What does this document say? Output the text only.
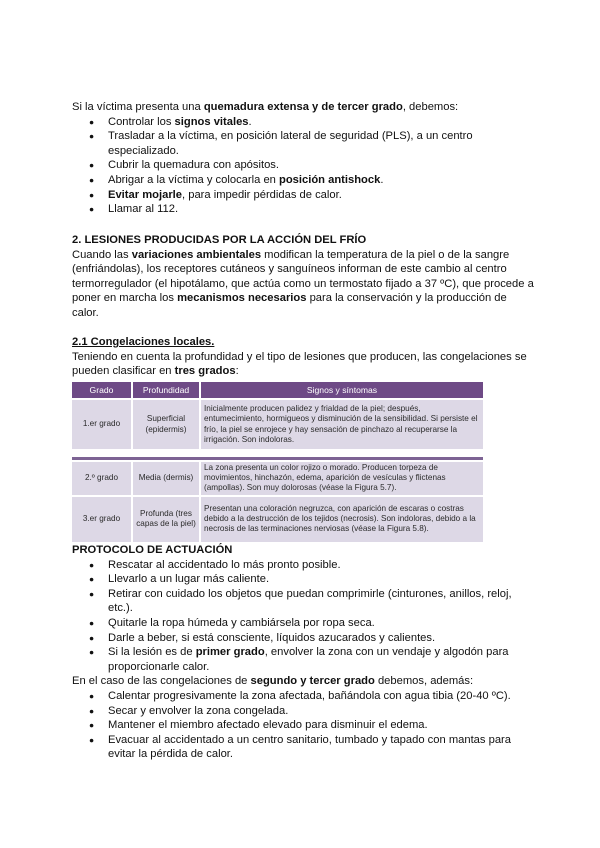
Si la víctima presenta una quemadura extensa y de tercer grado, debemos:

● Controlar los signos vitales.
● Trasladar a la víctima, en posición lateral de seguridad (PLS), a un centro especializado.
● Cubrir la quemadura con apósitos.
● Abrigar a la víctima y colocarla en posición antishock.
● Evitar mojarle, para impedir pérdidas de calor.
● Llamar al 112.

2. LESIONES PRODUCIDAS POR LA ACCIÓN DEL FRÍO

Cuando las variaciones ambientales modifican la temperatura de la piel o de la sangre (enfriándolas), los receptores cutáneos y sanguíneos informan de este cambio al centro termorregulador (el hipotálamo, que actúa como un termostato fijado a 37 ºC), que procede a poner en marcha los mecanismos necesarios para la conservación y la producción de calor.

2.1 Congelaciones locales.

Teniendo en cuenta la profundidad y el tipo de lesiones que producen, las congelaciones se pueden clasificar en tres grados:

Grado	Profundidad	Signos y síntomas
1.er grado	Superficial (epidermis)	Inicialmente producen palidez y frialdad de la piel; después, entumecimiento, hormigueos y disminución de la sensibilidad. Si persiste el frío, la piel se enrojece y hay sensación de pinchazo al recuperarse la irrigación. Son indoloras.

2.º grado	Media (dermis)	La zona presenta un color rojizo o morado. Producen torpeza de movimientos, hinchazón, edema, aparición de vesículas y flictenas (ampollas). Son muy dolorosas (véase la Figura 5.7).
3.er grado	Profunda (tres capas de la piel)	Presentan una coloración negruzca, con aparición de escaras o costras debido a la destrucción de los tejidos (necrosis). Son indoloras, debido a la necrosis de las terminaciones nerviosas (véase la Figura 5.8).

PROTOCOLO DE ACTUACIÓN

● Rescatar al accidentado lo más pronto posible.
● Llevarlo a un lugar más caliente.
● Retirar con cuidado los objetos que puedan comprimirle (cinturones, anillos, reloj, etc.).
● Quitarle la ropa húmeda y cambiársela por ropa seca.
● Darle a beber, si está consciente, líquidos azucarados y calientes.
● Si la lesión es de primer grado, envolver la zona con un vendaje y algodón para proporcionarle calor.

En el caso de las congelaciones de segundo y tercer grado debemos, además:

● Calentar progresivamente la zona afectada, bañándola con agua tibia (20-40 ºC).
● Secar y envolver la zona congelada.
● Mantener el miembro afectado elevado para disminuir el edema.
● Evacuar al accidentado a un centro sanitario, tumbado y tapado con mantas para evitar la pérdida de calor.
